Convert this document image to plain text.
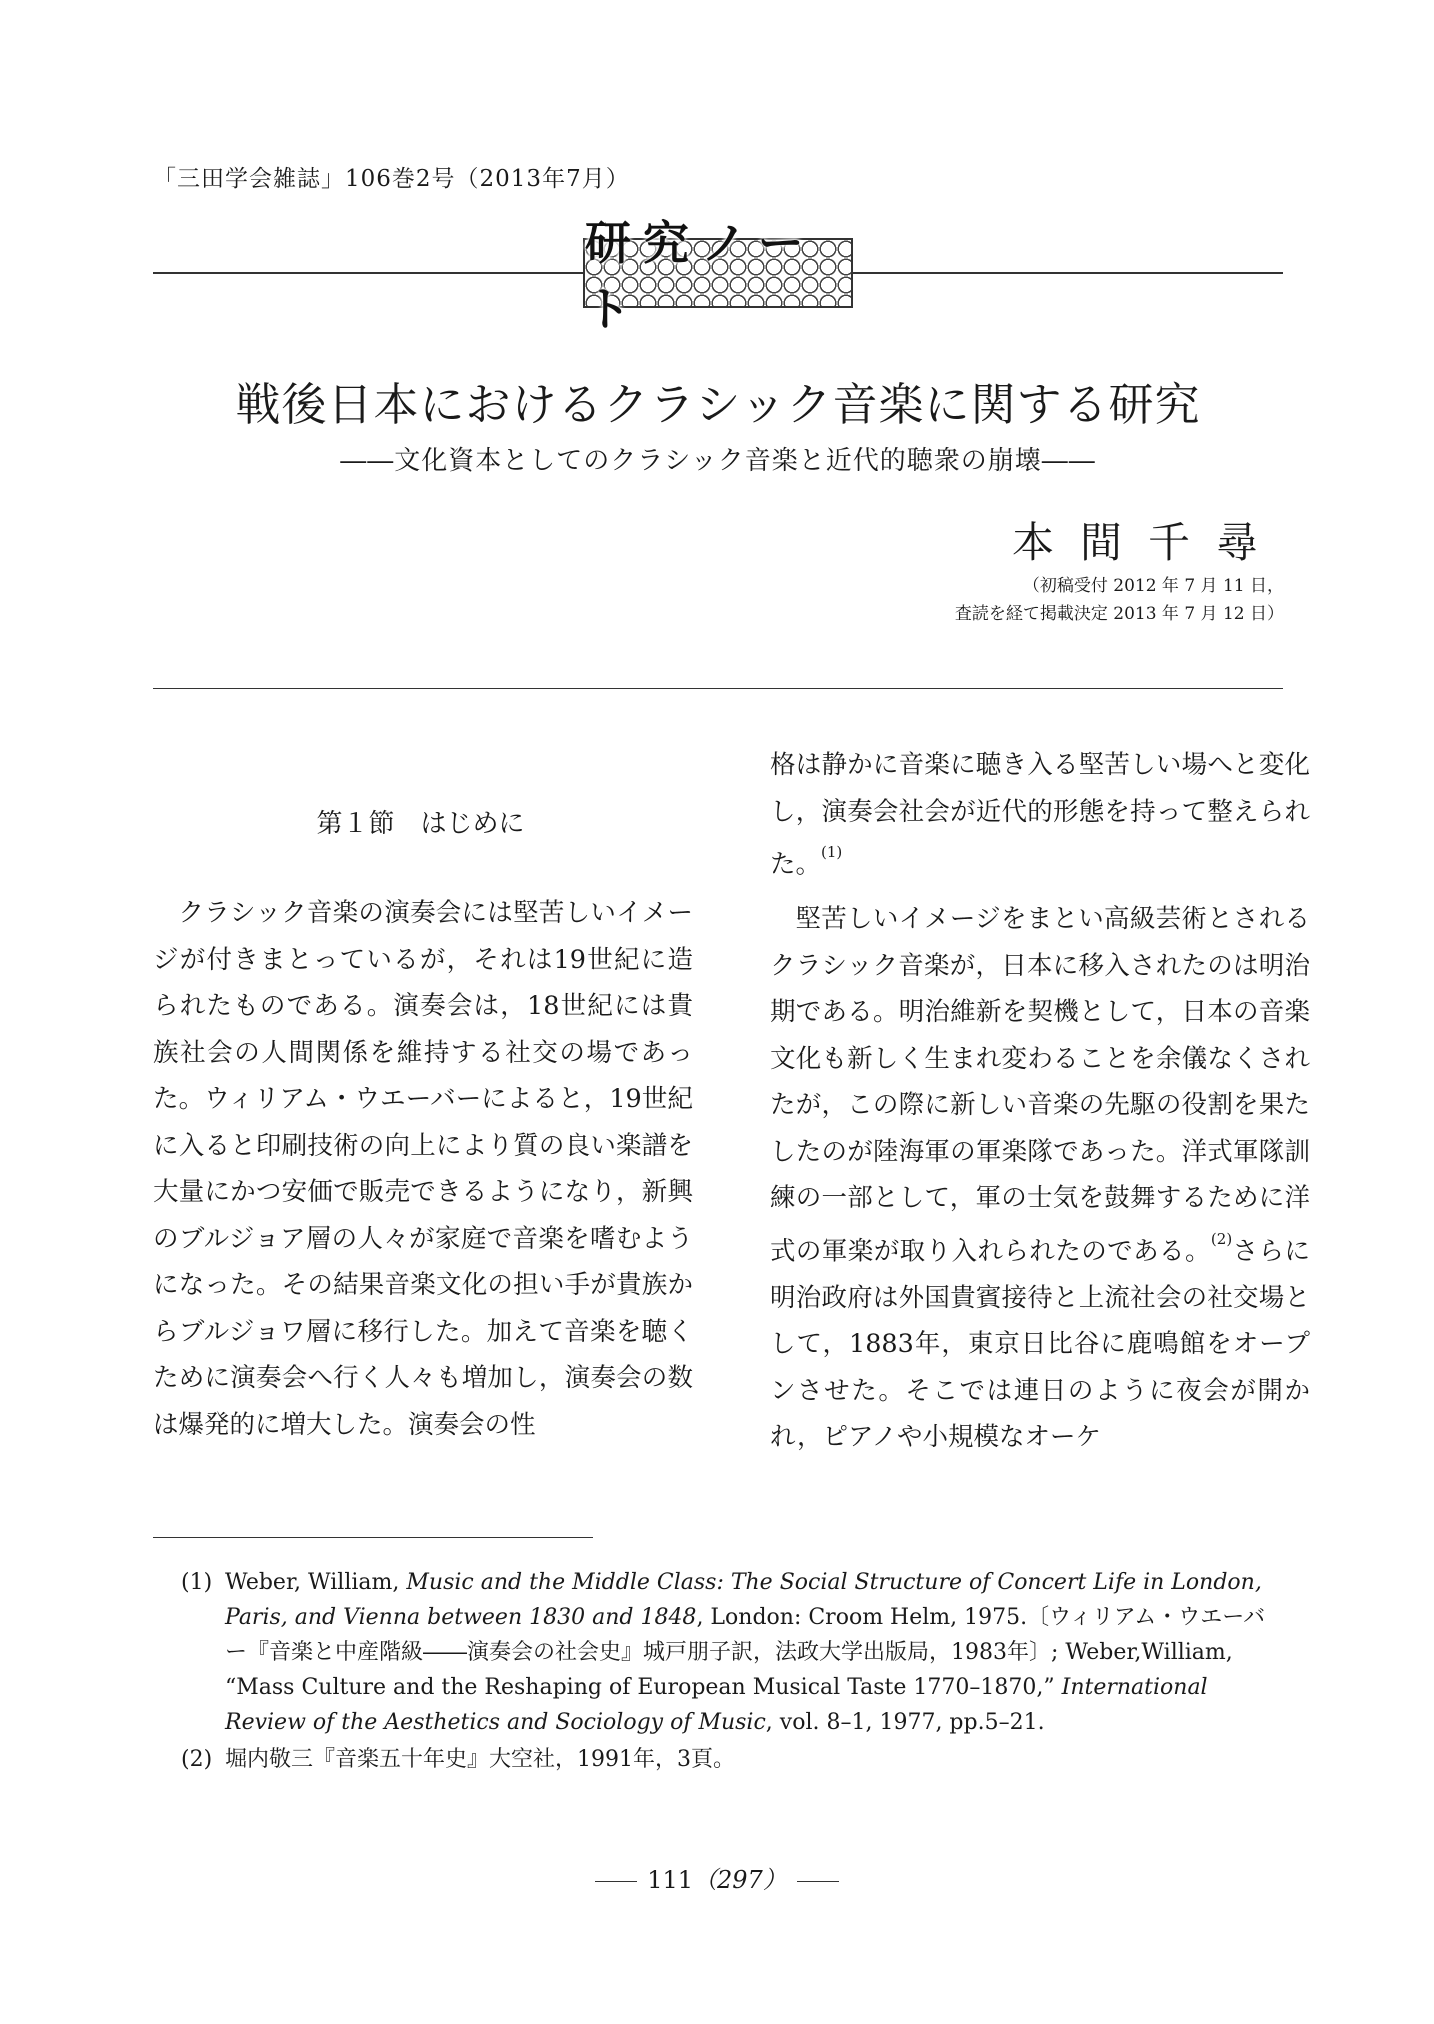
「三田学会雑誌」106巻2号（2013年7月）
研究ノート
戦後日本におけるクラシック音楽に関する研究
――文化資本としてのクラシック音楽と近代的聴衆の崩壊――
本間千尋
（初稿受付 2012 年 7 月 11 日，
査読を経て掲載決定 2013 年 7 月 12 日）
第１節　はじめに

クラシック音楽の演奏会には堅苦しいイメージが付きまとっているが，それは19世紀に造られたものである。演奏会は，18世紀には貴族社会の人間関係を維持する社交の場であった。ウィリアム・ウエーバーによると，19世紀に入ると印刷技術の向上により質の良い楽譜を大量にかつ安価で販売できるようになり，新興のブルジョア層の人々が家庭で音楽を嗜むようになった。その結果音楽文化の担い手が貴族からブルジョワ層に移行した。加えて音楽を聴くために演奏会へ行く人々も増加し，演奏会の数は爆発的に増大した。演奏会の性

格は静かに音楽に聴き入る堅苦しい場へと変化し，演奏会社会が近代的形態を持って整えられた。$^{(1)}$

堅苦しいイメージをまとい高級芸術とされるクラシック音楽が，日本に移入されたのは明治期である。明治維新を契機として，日本の音楽文化も新しく生まれ変わることを余儀なくされたが，この際に新しい音楽の先駆の役割を果たしたのが陸海軍の軍楽隊であった。洋式軍隊訓練の一部として，軍の士気を鼓舞するために洋式の軍楽が取り入れられたのである。$^{(2)}$さらに明治政府は外国貴賓接待と上流社会の社交場として，1883年，東京日比谷に鹿鳴館をオープンさせた。そこでは連日のように夜会が開かれ，ピアノや小規模なオーケ

(1) Weber, William, Music and the Middle Class: The Social Structure of Concert Life in London, Paris, and Vienna between 1830 and 1848, London: Croom Helm, 1975.〔ウィリアム・ウエーバー『音楽と中産階級――演奏会の社会史』城戸朋子訳，法政大学出版局，1983年〕; Weber,William, “Mass Culture and the Reshaping of European Musical Taste 1770–1870,” International Review of the Aesthetics and Sociology of Music, vol. 8–1, 1977, pp.5–21.
(2) 堀内敬三『音楽五十年史』大空社，1991年，3頁。
111（297）
